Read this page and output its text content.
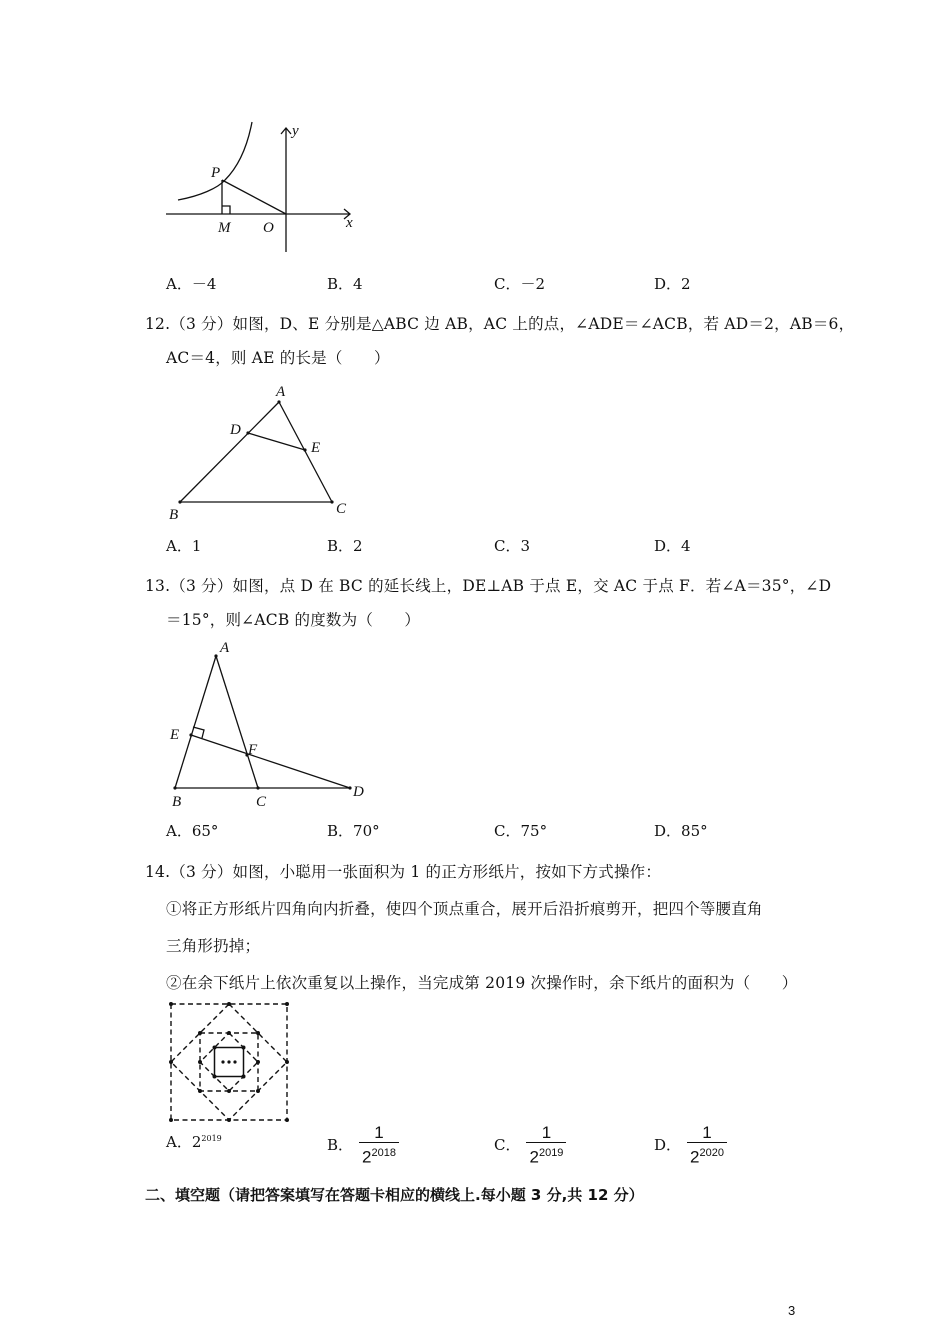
y
P
M O	x
A．－4	B．4	C．－2	D．2
12.（3 分）如图，D、E 分别是△ABC 边 AB，AC 上的点，∠ADE＝∠ACB，若 AD＝2，AB＝6，
AC＝4，则 AE 的长是（　　）
A
D
E
B	C
A．1	B．2	C．3	D．4
13.（3 分）如图，点 D 在 BC 的延长线上，DE⊥AB 于点 E，交 AC 于点 F．若∠A＝35°，∠D
＝15°，则∠ACB 的度数为（　　）
A
E
F
B	C
D
A．65°	B．70°	C．75°	D．85°
14.（3 分）如图，小聪用一张面积为 1 的正方形纸片，按如下方式操作：
①将正方形纸片四角向内折叠，使四个顶点重合，展开后沿折痕剪开，把四个等腰直角
三角形扔掉；
②在余下纸片上依次重复以上操作，当完成第 2019 次操作时，余下纸片的面积为（　　）
A．$2^{2019}$	B． $\frac{1}{2^{2018}}$	C． $\frac{1}{2^{2019}}$	D． $\frac{1}{2^{2020}}$
二、填空题（请把答案填写在答题卡相应的横线上.每小题 3 分,共 12 分）
3
